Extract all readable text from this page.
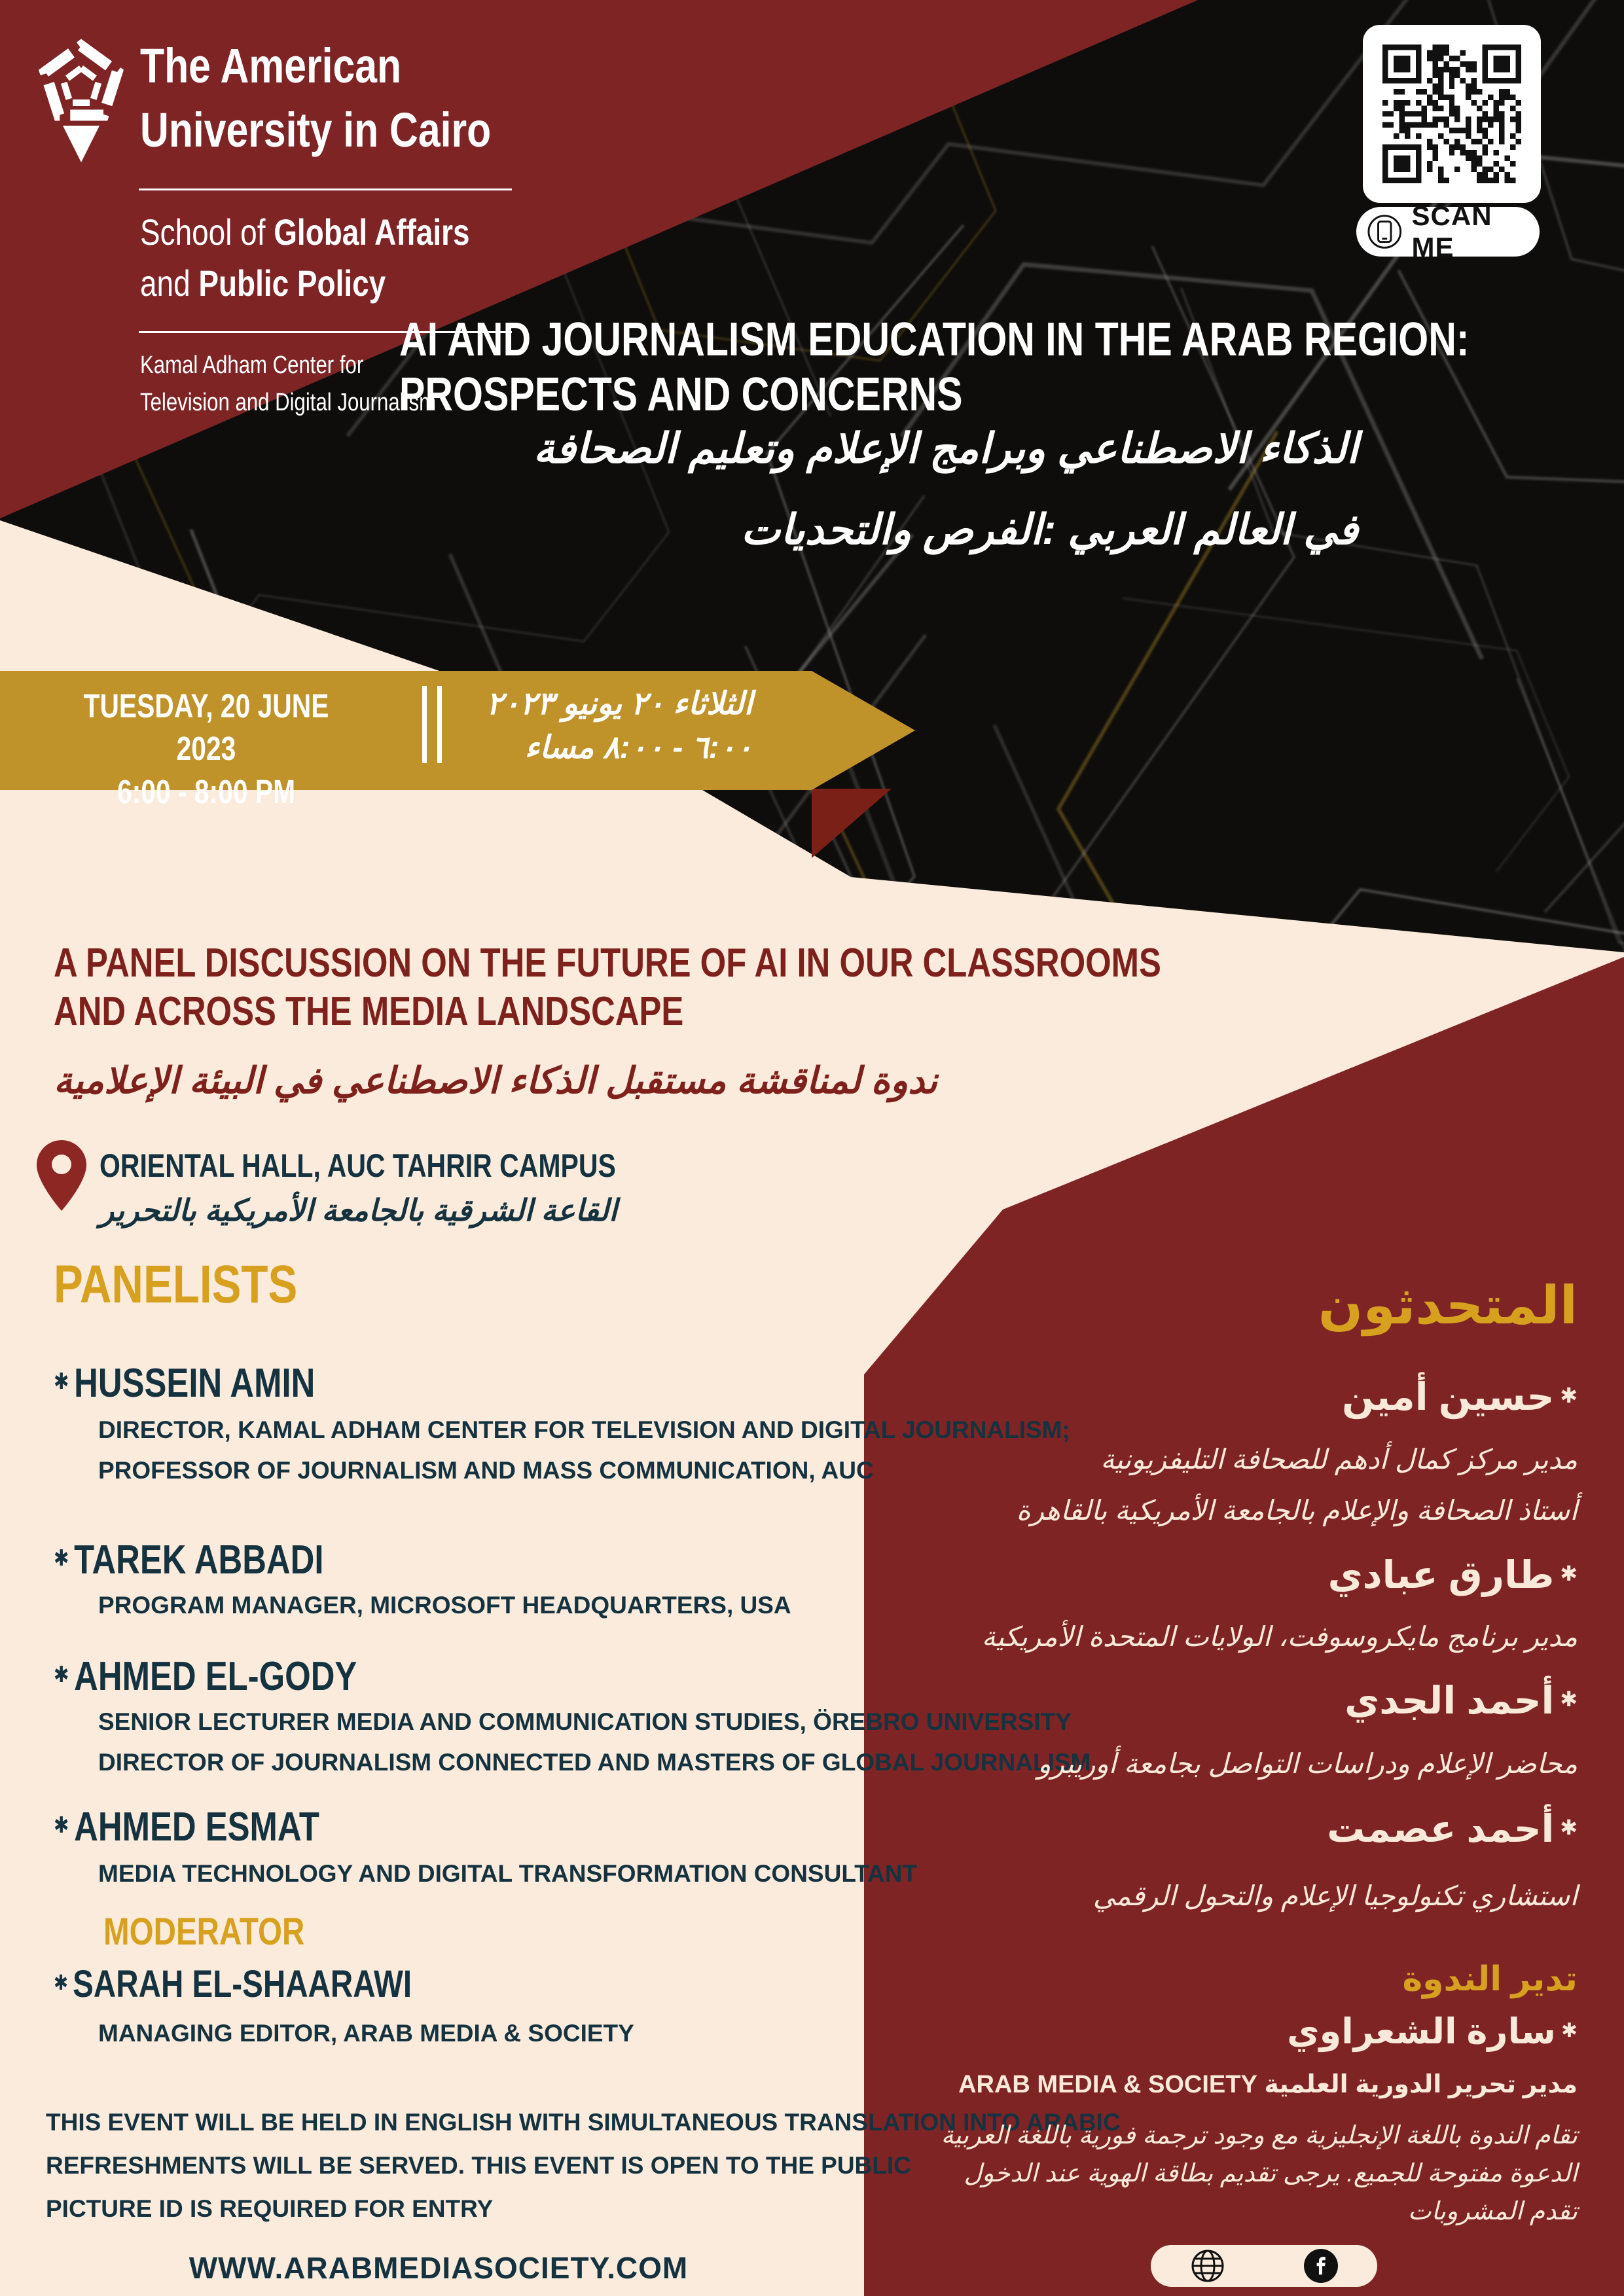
The American
University in Cairo
School of Global Affairs
and Public Policy
Kamal Adham Center for
Television and Digital Journalism
SCAN ME
AI AND JOURNALISM EDUCATION IN THE ARAB REGION:
PROSPECTS AND CONCERNS
الذكاء الاصطناعي وبرامج الإعلام وتعليم الصحافة
في العالم العربي :الفرص والتحديات
TUESDAY, 20 JUNE 2023
6:00 - 8:00 PM
الثلاثاء ٢٠ يونيو ٢٠٢٣
٦:٠٠ - ٨:٠٠ مساء
A PANEL DISCUSSION ON THE FUTURE OF AI IN OUR CLASSROOMS
AND ACROSS THE MEDIA LANDSCAPE
ندوة لمناقشة مستقبل الذكاء الاصطناعي في البيئة الإعلامية
ORIENTAL HALL, AUC TAHRIR CAMPUS
القاعة الشرقية بالجامعة الأمريكية بالتحرير
PANELISTS
✱ HUSSEIN AMIN
DIRECTOR, KAMAL ADHAM CENTER FOR TELEVISION AND DIGITAL JOURNALISM;
PROFESSOR OF JOURNALISM AND MASS COMMUNICATION, AUC
✱ TAREK ABBADI
PROGRAM MANAGER, MICROSOFT HEADQUARTERS, USA
✱ AHMED EL-GODY
SENIOR LECTURER MEDIA AND COMMUNICATION STUDIES, ÖREBRO UNIVERSITY
DIRECTOR OF JOURNALISM CONNECTED AND MASTERS OF GLOBAL JOURNALISM
✱ AHMED ESMAT
MEDIA TECHNOLOGY AND DIGITAL TRANSFORMATION CONSULTANT
MODERATOR
✱ SARAH EL-SHAARAWI
MANAGING EDITOR, ARAB MEDIA & SOCIETY
THIS EVENT WILL BE HELD IN ENGLISH WITH SIMULTANEOUS TRANSLATION INTO ARABIC
REFRESHMENTS WILL BE SERVED. THIS EVENT IS OPEN TO THE PUBLIC
PICTURE ID IS REQUIRED FOR ENTRY
WWW.ARABMEDIASOCIETY.COM
المتحدثون
✱ حسين أمين
مدير مركز كمال أدهم للصحافة التليفزيونية
أستاذ الصحافة والإعلام بالجامعة الأمريكية بالقاهرة
✱ طارق عبادي
مدير برنامج مايكروسوفت، الولايات المتحدة الأمريكية
✱ أحمد الجدي
محاضر الإعلام ودراسات التواصل بجامعة أوريبرو
✱ أحمد عصمت
استشاري تكنولوجيا الإعلام والتحول الرقمي
تدير الندوة
✱ سارة الشعراوي
مدير تحرير الدورية العلمية ARAB MEDIA & SOCIETY
تقام الندوة باللغة الإنجليزية مع وجود ترجمة فورية باللغة العربية
الدعوة مفتوحة للجميع. يرجى تقديم بطاقة الهوية عند الدخول
تقدم المشروبات
